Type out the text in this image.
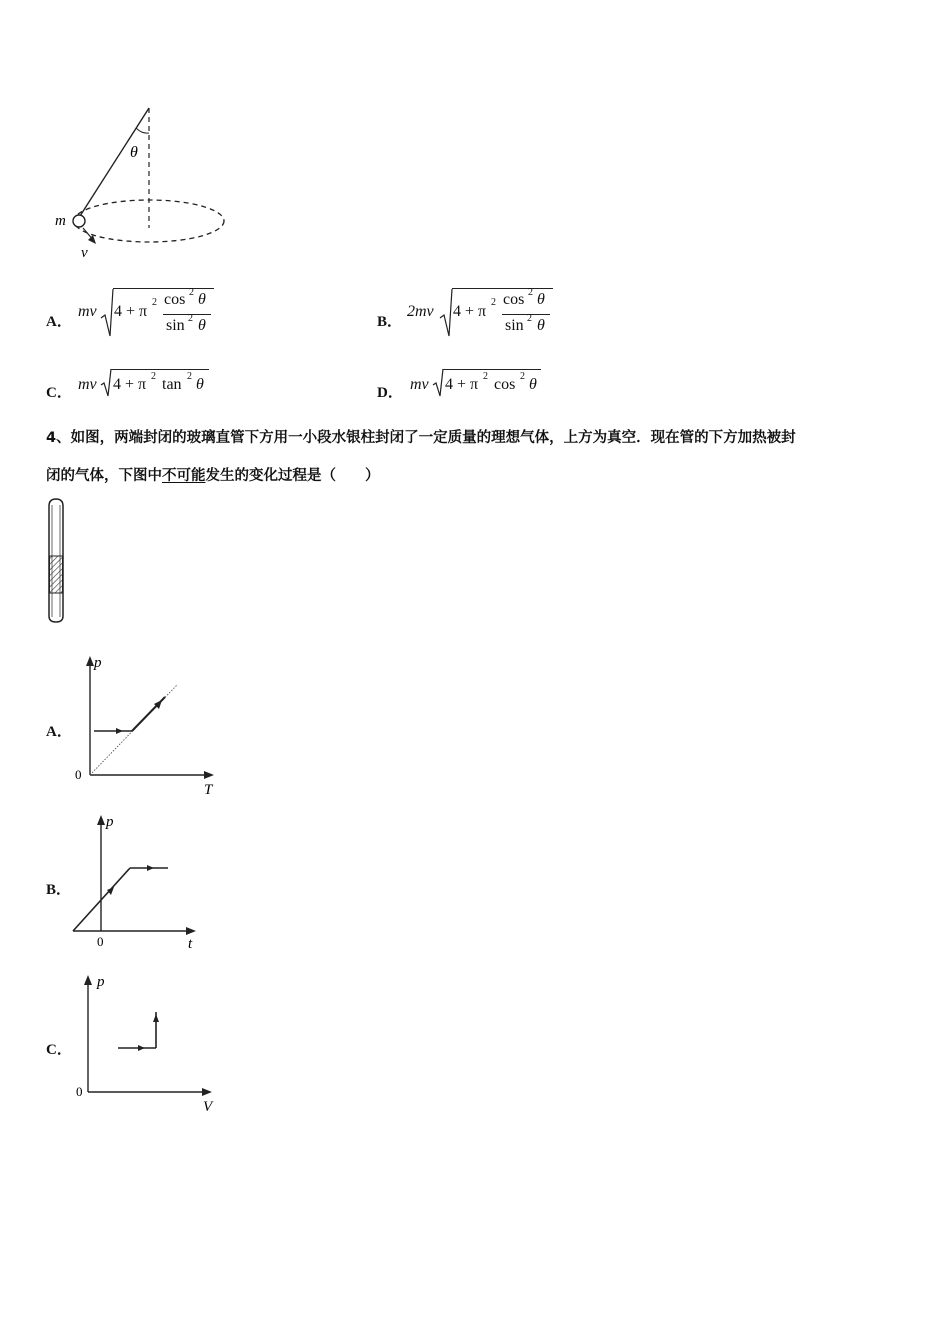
θ
m
v
A．
mv 4 + π
2 cos 2 θ
sin 2 θ	B．
2mv 4 + π
2 cos 2 θ
sin 2 θ
C． mv 4 + π 2 tan 2 θ	D． mv 4 + π 2 cos 2 θ
4、如图，两端封闭的玻璃直管下方用一小段水银柱封闭了一定质量的理想气体，上方为真空．现在管的下方加热被封
闭的气体，下图中不可能发生的变化过程是（　　）
A．
p
T
0
B．
p
t
0
C．
p
V
0
